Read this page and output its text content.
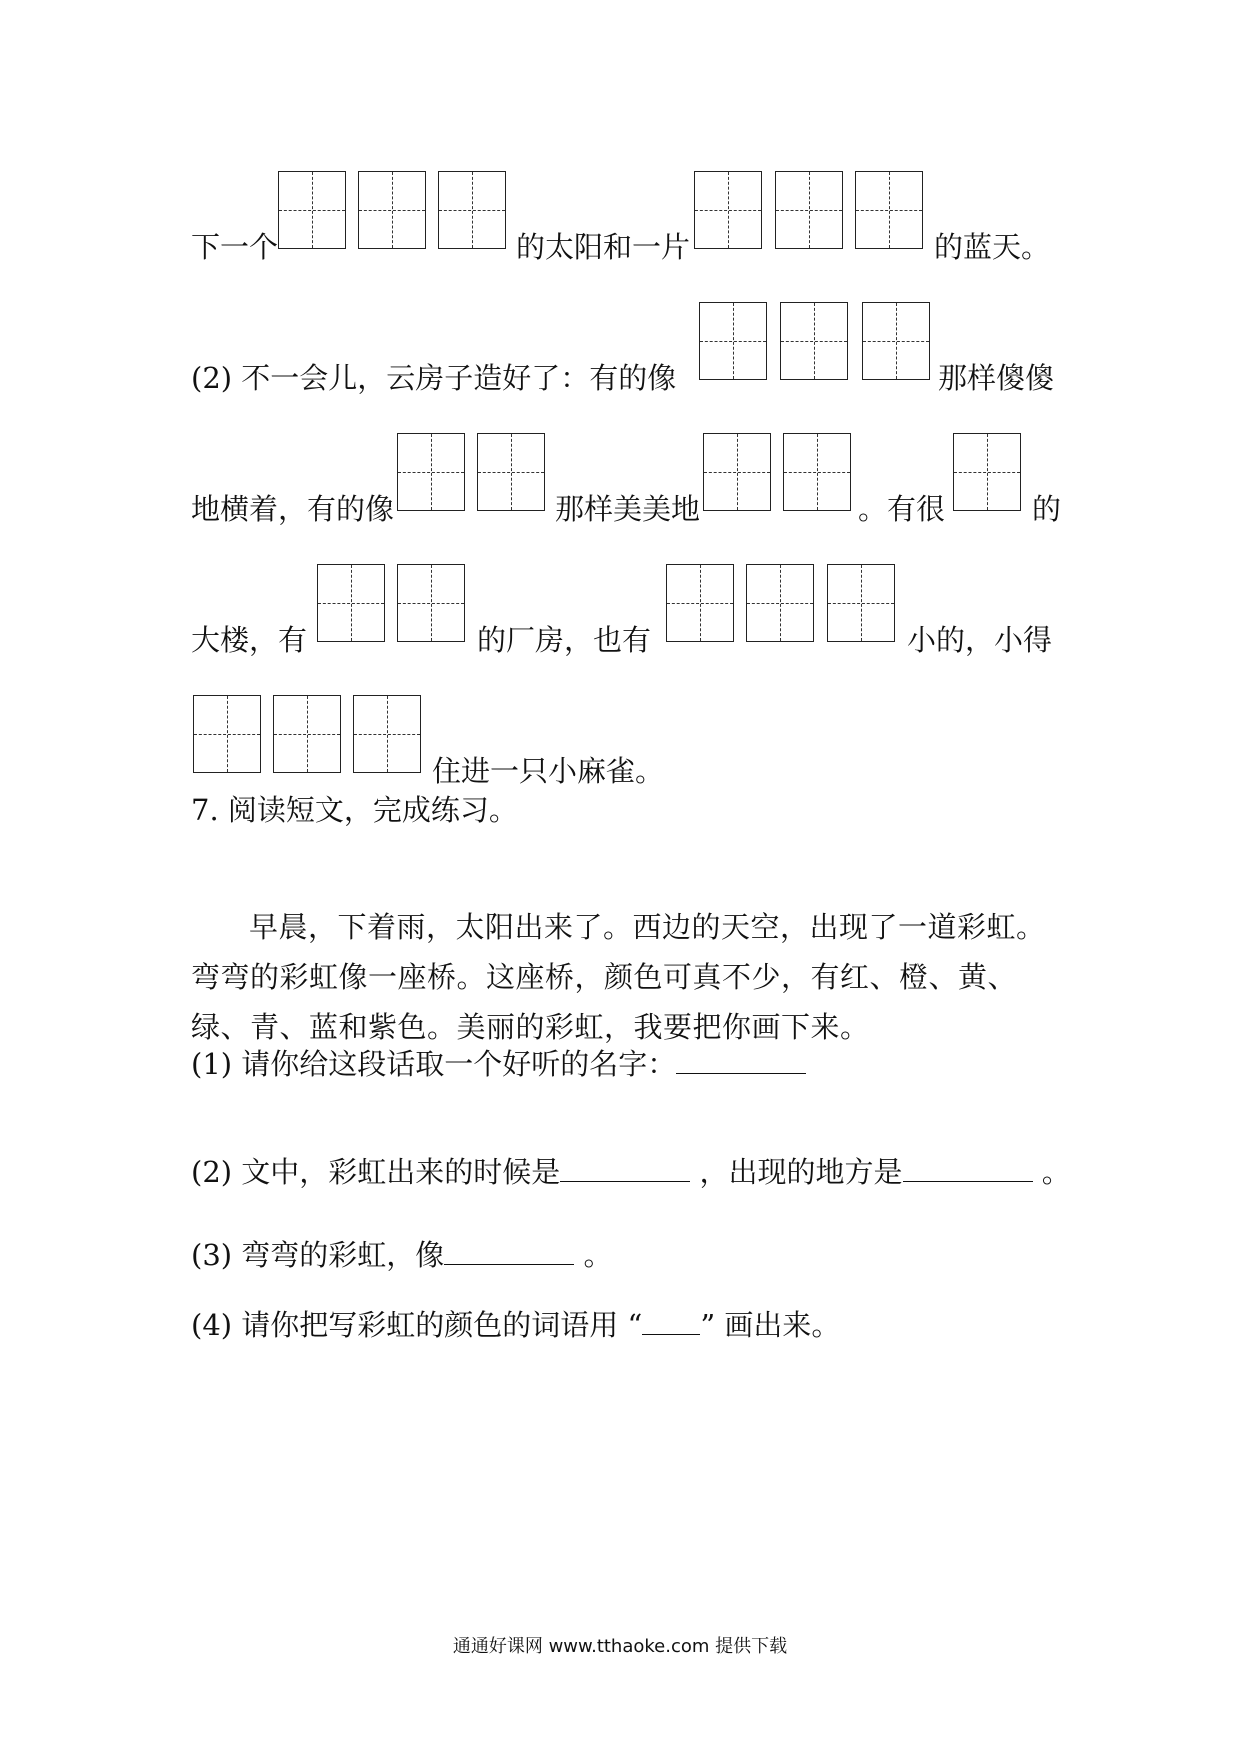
下一个	的太阳和一片	的蓝天。
(2) 不一会儿，云房子造好了：有的像	那样傻傻
地横着，有的像	那样美美地	。有很	的
大楼，有	的厂房，也有	小的，小得
住进一只小麻雀。
7. 阅读短文，完成练习。
早晨，下着雨，太阳出来了。西边的天空，出现了一道彩虹。弯弯的彩虹像一座桥。这座桥，颜色可真不少，有红、橙、黄、绿、青、蓝和紫色。美丽的彩虹，我要把你画下来。
(1) 请你给这段话取一个好听的名字：
(2) 文中，彩虹出来的时候是	，出现的地方是	。
(3) 弯弯的彩虹，像	。
(4) 请你把写彩虹的颜色的词语用 “ ” 画出来。
通通好课网 www.tthaoke.com 提供下载
